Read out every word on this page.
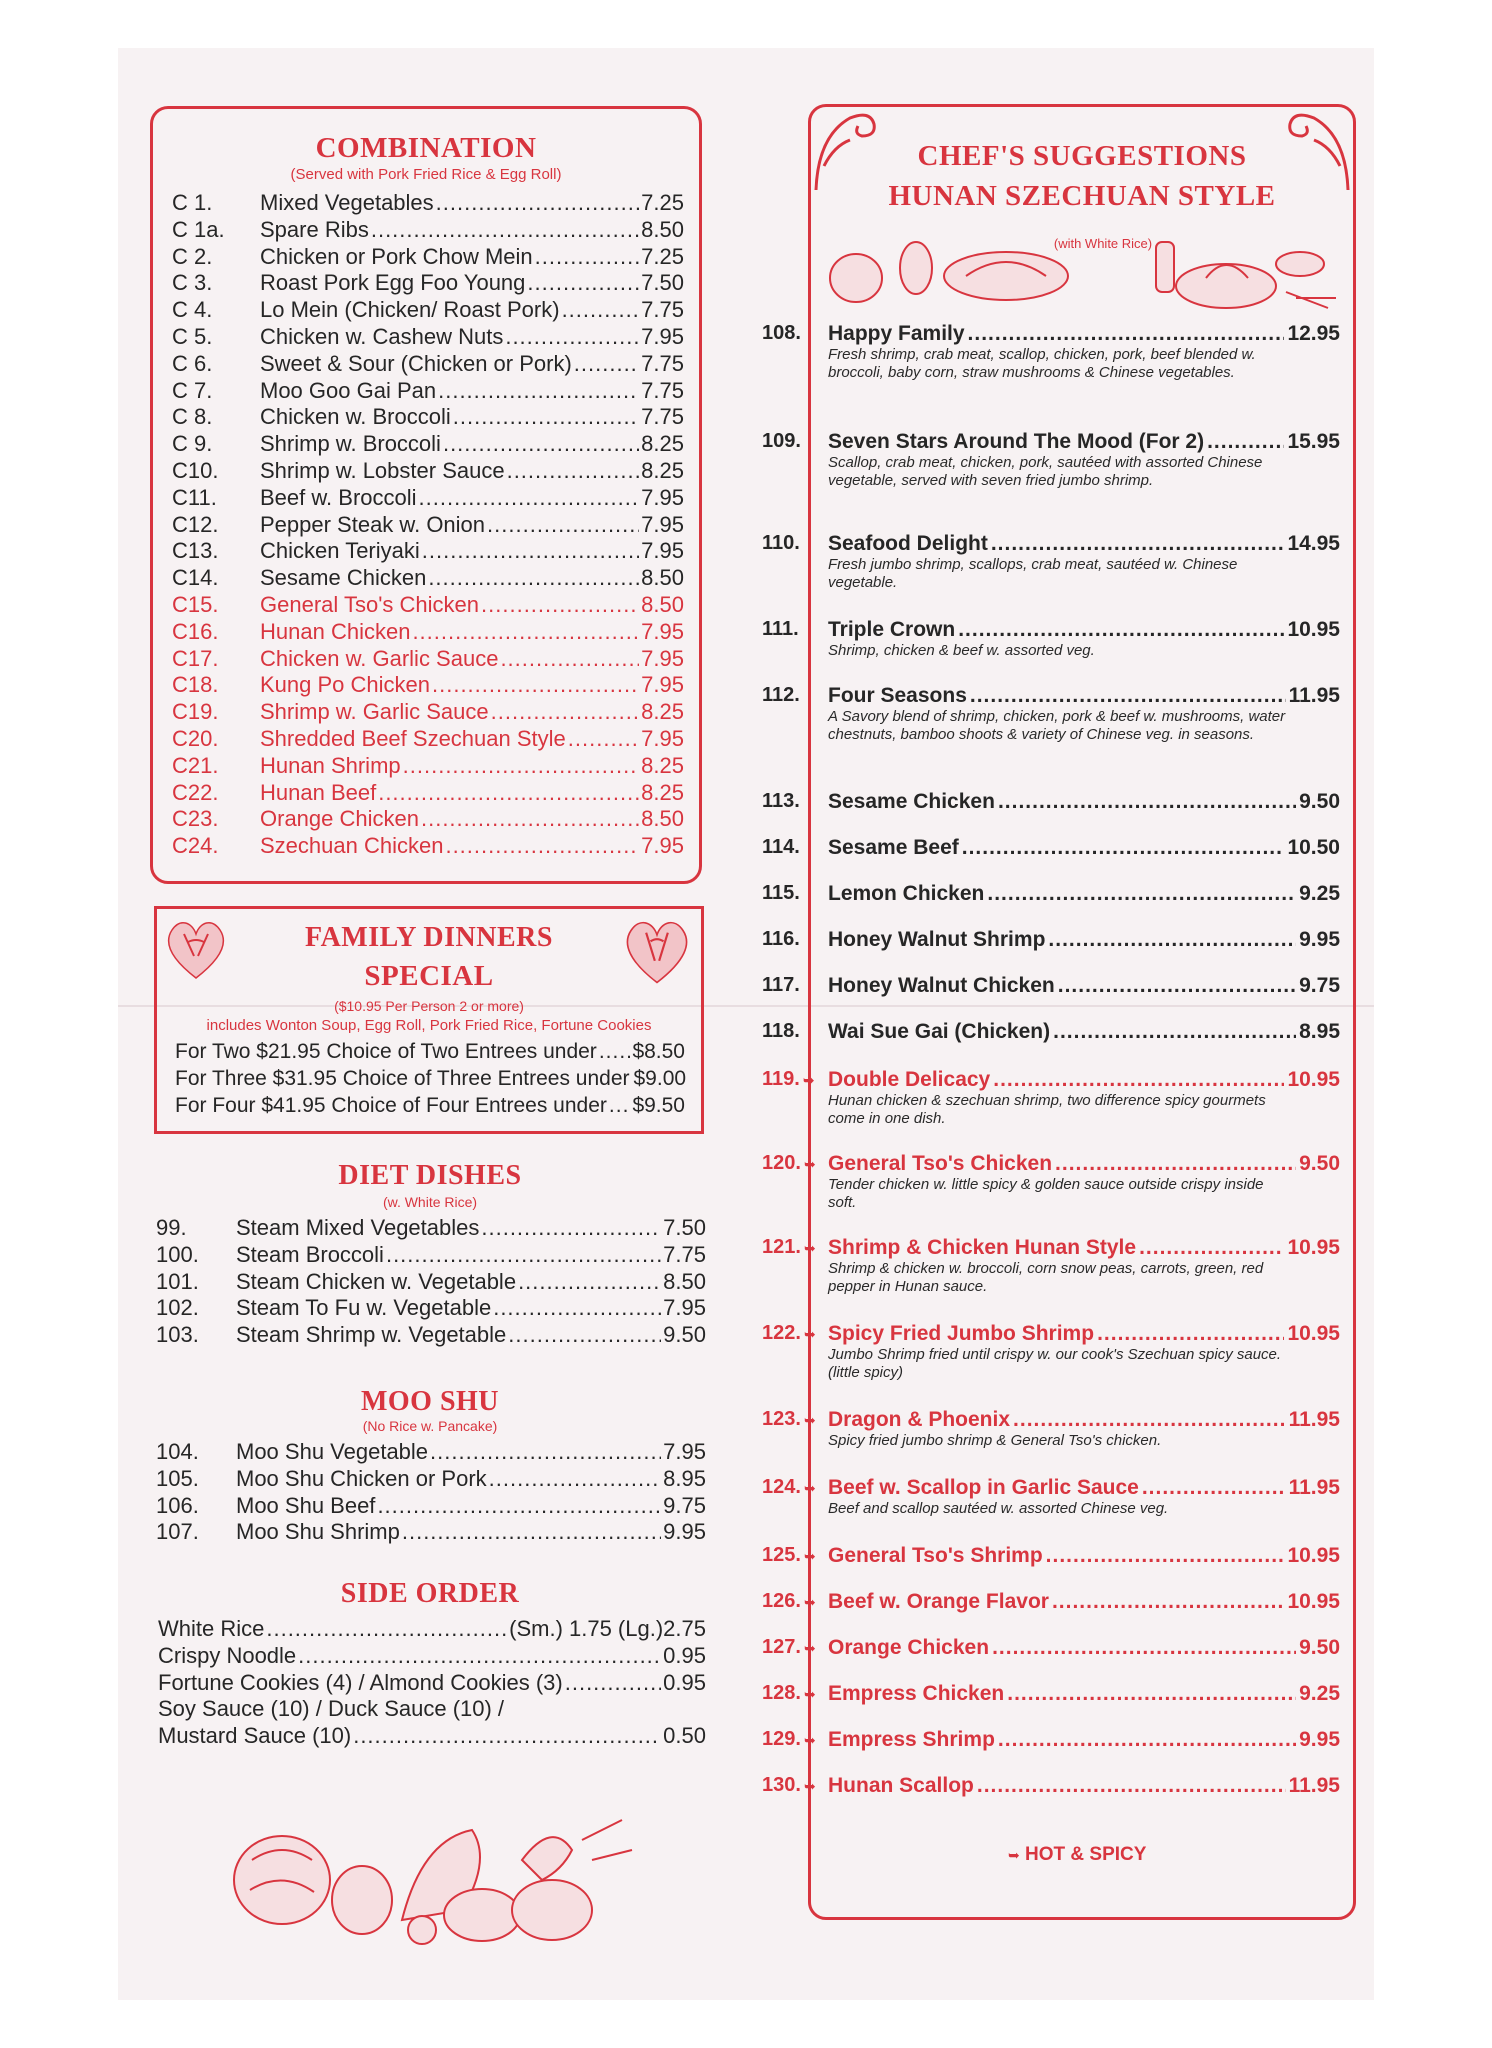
COMBINATION
(Served with Pork Fried Rice & Egg Roll)
C 1.	Mixed Vegetables .....	7.25
C 1a.	Spare Ribs .....	8.50
C 2.	Chicken or Pork Chow Mein .....	7.25
C 3.	Roast Pork Egg Foo Young .....	7.50
C 4.	Lo Mein (Chicken/ Roast Pork) .....	7.75
C 5.	Chicken w. Cashew Nuts .....	7.95
C 6.	Sweet & Sour (Chicken or Pork) .....	7.75
C 7.	Moo Goo Gai Pan .....	7.75
C 8.	Chicken w. Broccoli .....	7.75
C 9.	Shrimp w. Broccoli .....	8.25
C10.	Shrimp w. Lobster Sauce .....	8.25
C11.	Beef w. Broccoli .....	7.95
C12.	Pepper Steak w. Onion .....	7.95
C13.	Chicken Teriyaki .....	7.95
C14.	Sesame Chicken .....	8.50
C15.	General Tso's Chicken .....	8.50
C16.	Hunan Chicken .....	7.95
C17.	Chicken w. Garlic Sauce .....	7.95
C18.	Kung Po Chicken .....	7.95
C19.	Shrimp w. Garlic Sauce .....	8.25
C20.	Shredded Beef Szechuan Style .....	7.95
C21.	Hunan Shrimp .....	8.25
C22.	Hunan Beef .....	8.25
C23.	Orange Chicken .....	8.50
C24.	Szechuan Chicken .....	7.95
FAMILY DINNERS
SPECIAL
($10.95 Per Person 2 or more)
includes Wonton Soup, Egg Roll, Pork Fried Rice, Fortune Cookies
For Two $21.95 Choice of Two Entrees under ..... $8.50
For Three $31.95 Choice of Three Entrees under $9.00
For Four $41.95 Choice of Four Entrees under ..... $9.50
DIET DISHES
(w. White Rice)
99.	Steam Mixed Vegetables .....	7.50
100.	Steam Broccoli .....	7.75
101.	Steam Chicken w. Vegetable .....	8.50
102.	Steam To Fu w. Vegetable .....	7.95
103.	Steam Shrimp w. Vegetable .....	9.50
MOO SHU
(No Rice w. Pancake)
104.	Moo Shu Vegetable .....	7.95
105.	Moo Shu Chicken or Pork .....	8.95
106.	Moo Shu Beef .....	9.75
107.	Moo Shu Shrimp .....	9.95
SIDE ORDER
White Rice .....	(Sm.) 1.75 (Lg.)2.75
Crispy Noodle .....	0.95
Fortune Cookies (4) / Almond Cookies (3) .....	0.95
Soy Sauce (10) / Duck Sauce (10) /
Mustard Sauce (10) .....	0.50
CHEF'S SUGGESTIONS
HUNAN SZECHUAN STYLE
(with White Rice)
108. Happy Family .....	12.95
Fresh shrimp, crab meat, scallop, chicken, pork, beef blended w. broccoli, baby corn, straw mushrooms & Chinese vegetables.
109. Seven Stars Around The Mood (For 2) .....	15.95
Scallop, crab meat, chicken, pork, sautéed with assorted Chinese vegetable, served with seven fried jumbo shrimp.
110. Seafood Delight .....	14.95
Fresh jumbo shrimp, scallops, crab meat, sautéed w. Chinese vegetable.
111. Triple Crown .....	10.95
Shrimp, chicken & beef w. assorted veg.
112. Four Seasons .....	11.95
A Savory blend of shrimp, chicken, pork & beef w. mushrooms, water chestnuts, bamboo shoots & variety of Chinese veg. in seasons.
113. Sesame Chicken .....	9.50
114. Sesame Beef .....	10.50
115. Lemon Chicken .....	9.25
116. Honey Walnut Shrimp .....	9.95
117. Honey Walnut Chicken .....	9.75
118. Wai Sue Gai (Chicken) .....	8.95
119. ➥ Double Delicacy .....	10.95
Hunan chicken & szechuan shrimp, two difference spicy gourmets come in one dish.
120. ➥ General Tso's Chicken .....	9.50
Tender chicken w. little spicy & golden sauce outside crispy inside soft.
121. ➥ Shrimp & Chicken Hunan Style .....	10.95
Shrimp & chicken w. broccoli, corn snow peas, carrots, green, red pepper in Hunan sauce.
122. ➥ Spicy Fried Jumbo Shrimp .....	10.95
Jumbo Shrimp fried until crispy w. our cook's Szechuan spicy sauce. (little spicy)
123. ➥ Dragon & Phoenix .....	11.95
Spicy fried jumbo shrimp & General Tso's chicken.
124. ➥ Beef w. Scallop in Garlic Sauce .....	11.95
Beef and scallop sautéed w. assorted Chinese veg.
125. ➥ General Tso's Shrimp .....	10.95
126. ➥ Beef w. Orange Flavor .....	10.95
127. ➥ Orange Chicken .....	9.50
128. ➥ Empress Chicken .....	9.25
129. ➥ Empress Shrimp .....	9.95
130. ➥ Hunan Scallop .....	11.95
➥ HOT & SPICY
